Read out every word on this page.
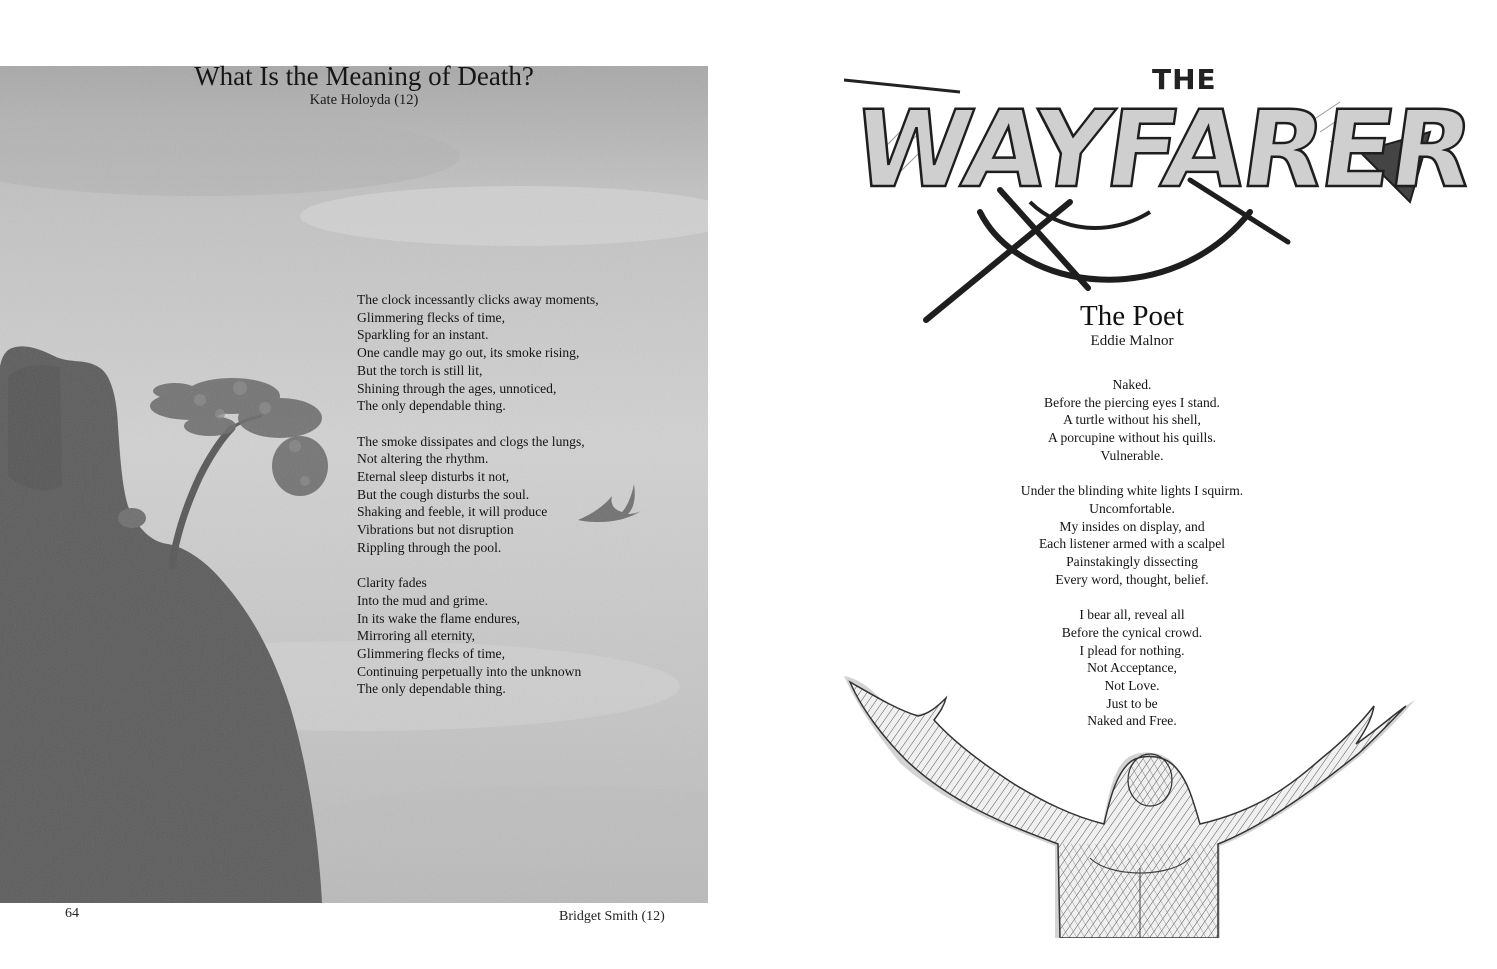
What Is the Meaning of Death?
Kate Holoyda (12)
The clock incessantly clicks away moments,
Glimmering flecks of time,
Sparkling for an instant.
One candle may go out, its smoke rising,
But the torch is still lit,
Shining through the ages, unnoticed,
The only dependable thing.
The smoke dissipates and clogs the lungs,
Not altering the rhythm.
Eternal sleep disturbs it not,
But the cough disturbs the soul.
Shaking and feeble, it will produce
Vibrations but not disruption
Rippling through the pool.
Clarity fades
Into the mud and grime.
In its wake the flame endures,
Mirroring all eternity,
Glimmering flecks of time,
Continuing perpetually into the unknown
The only dependable thing.
64	Bridget Smith (12)
THE
WAYFARER
The Poet
Eddie Malnor
Naked.
Before the piercing eyes I stand.
A turtle without his shell,
A porcupine without his quills.
Vulnerable.
Under the blinding white lights I squirm.
Uncomfortable.
My insides on display, and
Each listener armed with a scalpel
Painstakingly dissecting
Every word, thought, belief.
I bear all, reveal all
Before the cynical crowd.
I plead for nothing.
Not Acceptance,
Not Love.
Just to be
Naked and Free.
